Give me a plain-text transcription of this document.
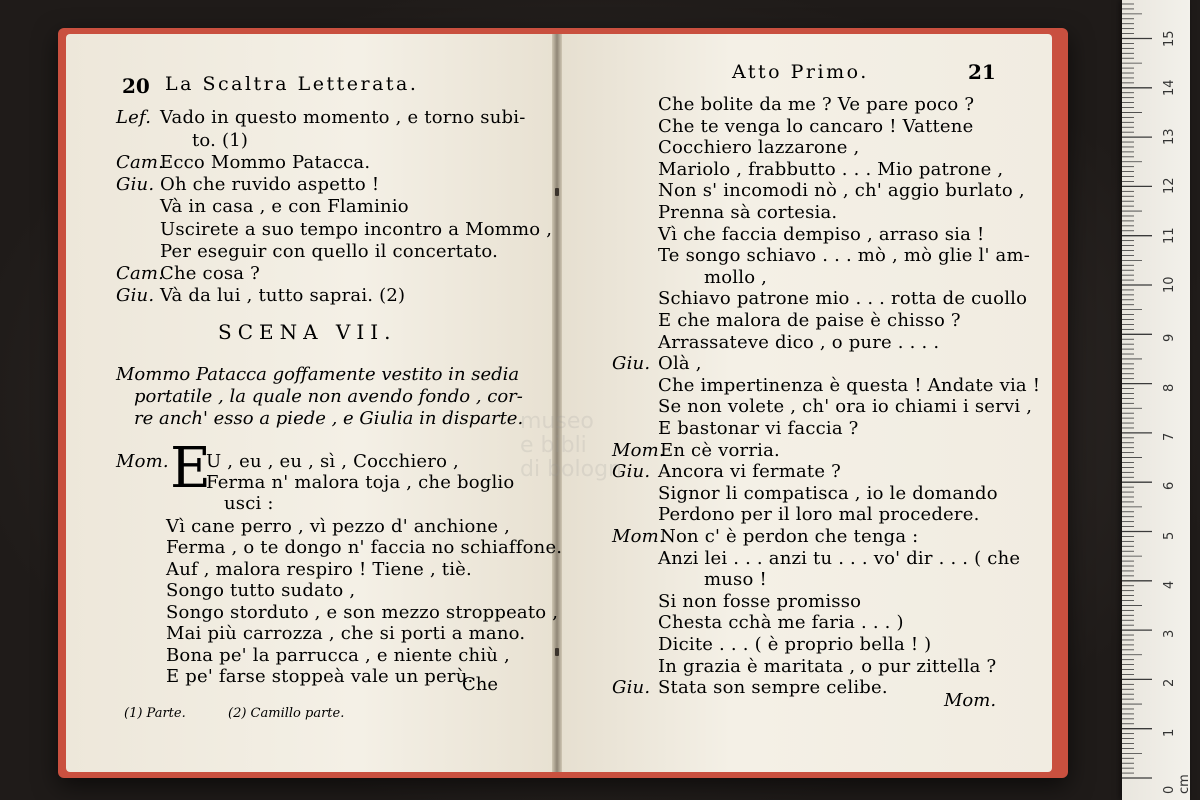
20 La Scaltra Letterata.
Lef. Vado in questo momento , e torno subi-
to. (1)
Cam.
Ecco Mommo Patacca.
Giu. Oh che ruvido aspetto !
Và in casa , e con Flaminio
Uscirete a suo tempo incontro a Mommo ,
Per eseguir con quello il concertato.
Cam.
Che cosa ?
Giu. Và da lui , tutto saprai. (2)
SCENA VII.
Mommo Patacca goffamente vestito in sedia
portatile , la quale non avendo fondo , cor-
re anch' esso a piede , e Giulia in disparte.
Mom. E
U , eu , eu , sì , Cocchiero ,
Ferma n' malora toja , che boglio
usci :
Vì cane perro , vì pezzo d' anchione ,
Ferma , o te dongo n' faccia no schiaffone.
Auf , malora respiro ! Tiene , tiè.
Songo tutto sudato ,
Songo storduto , e son mezzo stroppeato ,
Mai più carrozza , che si porti a mano.
Bona pe' la parrucca , e niente chiù ,
E pe' farse stoppeà vale un perù.
Che
(1) Parte.	(2) Camillo parte.
Atto Primo.	21
Che bolite da me ? Ve pare poco ?
Che te venga lo cancaro ! Vattene
Cocchiero lazzarone ,
Mariolo , frabbutto . . . Mio patrone ,
Non s' incomodi nò , ch' aggio burlato ,
Prenna sà cortesia.
Vì che faccia dempiso , arraso sia !
Te songo schiavo . . . mò , mò glie l' am-
mollo ,
Schiavo patrone mio . . . rotta de cuollo
E che malora de paise è chisso ?
Arrassateve dico , o pure . . . .
Giu. Olà ,
Che impertinenza è questa ! Andate via !
Se non volete , ch' ora io chiami i servi ,
E bastonar vi faccia ?
Mom.
En cè vorria.
Giu. Ancora vi fermate ?
Signor li compatisca , io le domando
Perdono per il loro mal procedere.
Mom.
Non c' è perdon che tenga :
Anzi lei . . . anzi tu . . . vo' dir . . . ( che
muso !
Si non fosse promisso
Chesta cchà me faria . . . )
Dicite . . . ( è proprio bella ! )
In grazia è maritata , o pur zittella ?
Giu. Stata son sempre celibe.
Mom.
museo
e bibli
di bologn
0 cm
1
2
3
4
5
6
7
8
9
10
11
12
13
14
15
